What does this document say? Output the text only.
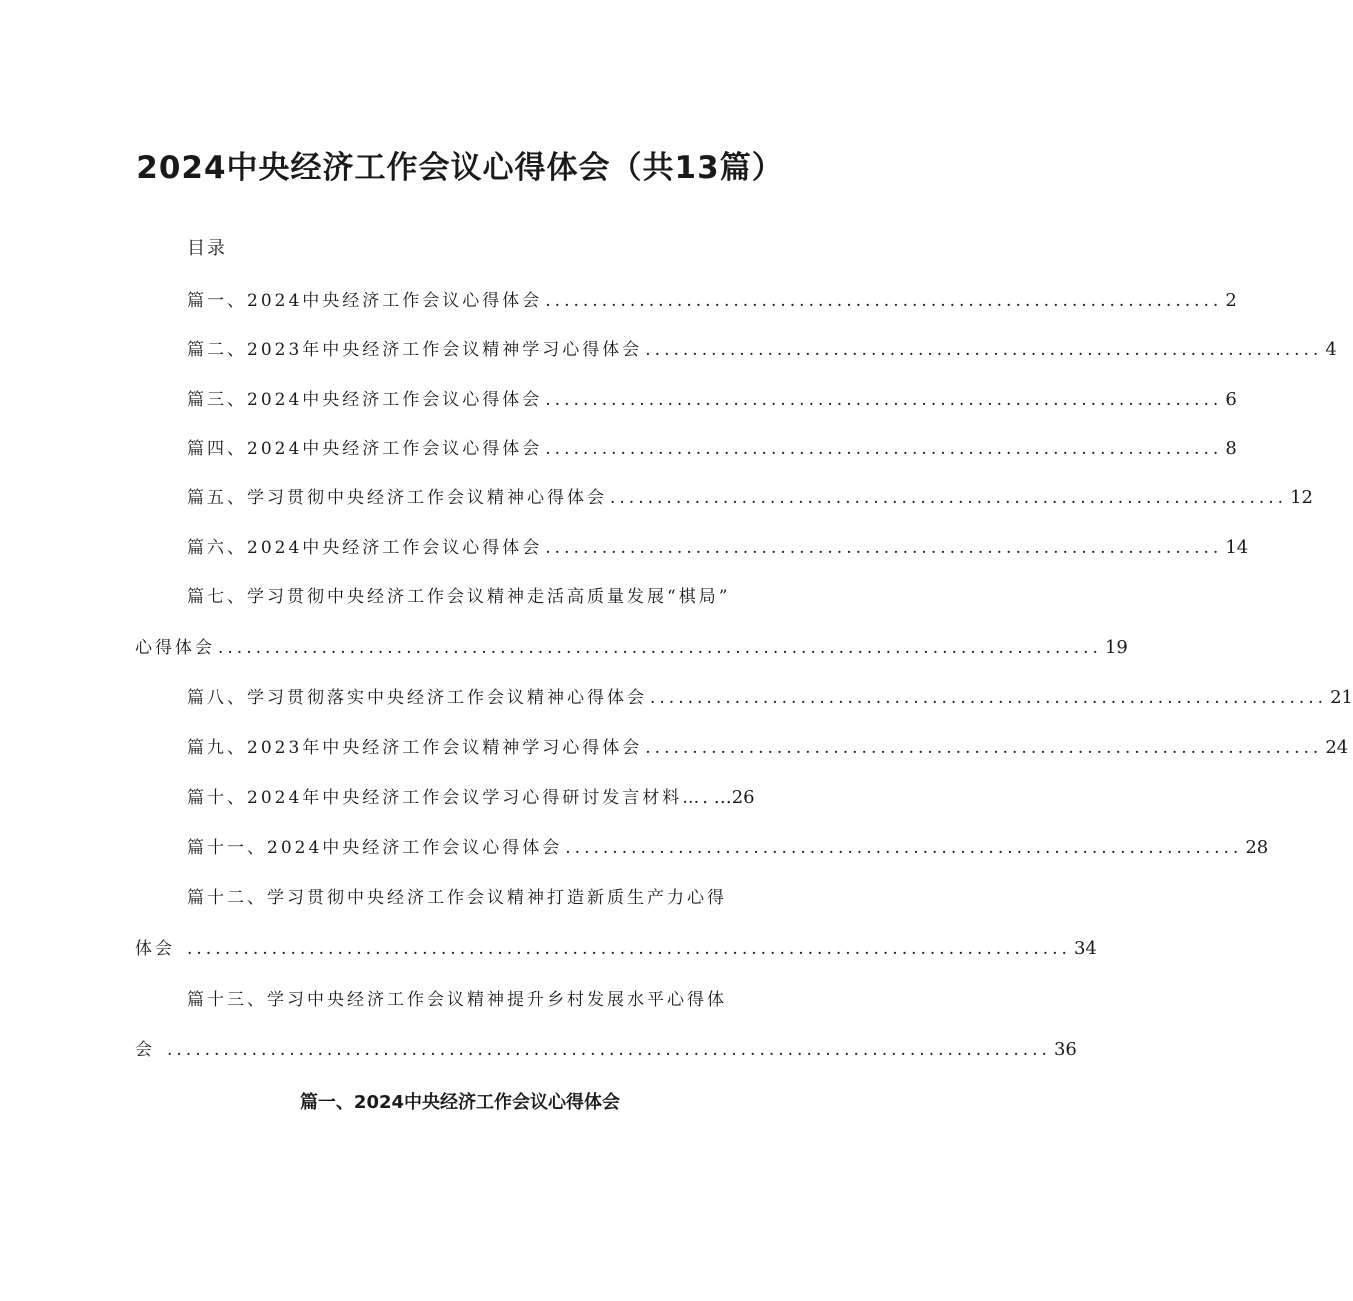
2024中央经济工作会议心得体会（共13篇）
目录
篇一、2024中央经济工作会议心得体会 ........................................................................ 2
篇二、2023年中央经济工作会议精神学习心得体会 ........................................................................ 4
篇三、2024中央经济工作会议心得体会 ........................................................................ 6
篇四、2024中央经济工作会议心得体会 ........................................................................ 8
篇五、学习贯彻中央经济工作会议精神心得体会 ........................................................................ 12
篇六、2024中央经济工作会议心得体会 ........................................................................ 14
篇七、学习贯彻中央经济工作会议精神走活高质量发展“棋局”
心得体会 .............................................................................................. 19
篇八、学习贯彻落实中央经济工作会议精神心得体会 ........................................................................ 21
篇九、2023年中央经济工作会议精神学习心得体会 ........................................................................ 24
篇十、2024年中央经济工作会议学习心得研讨发言材料…. …26
篇十一、2024中央经济工作会议心得体会 ........................................................................ 28
篇十二、学习贯彻中央经济工作会议精神打造新质生产力心得
体会 .............................................................................................. 34
篇十三、学习中央经济工作会议精神提升乡村发展水平心得体
会 .............................................................................................. 36
篇一、2024中央经济工作会议心得体会
